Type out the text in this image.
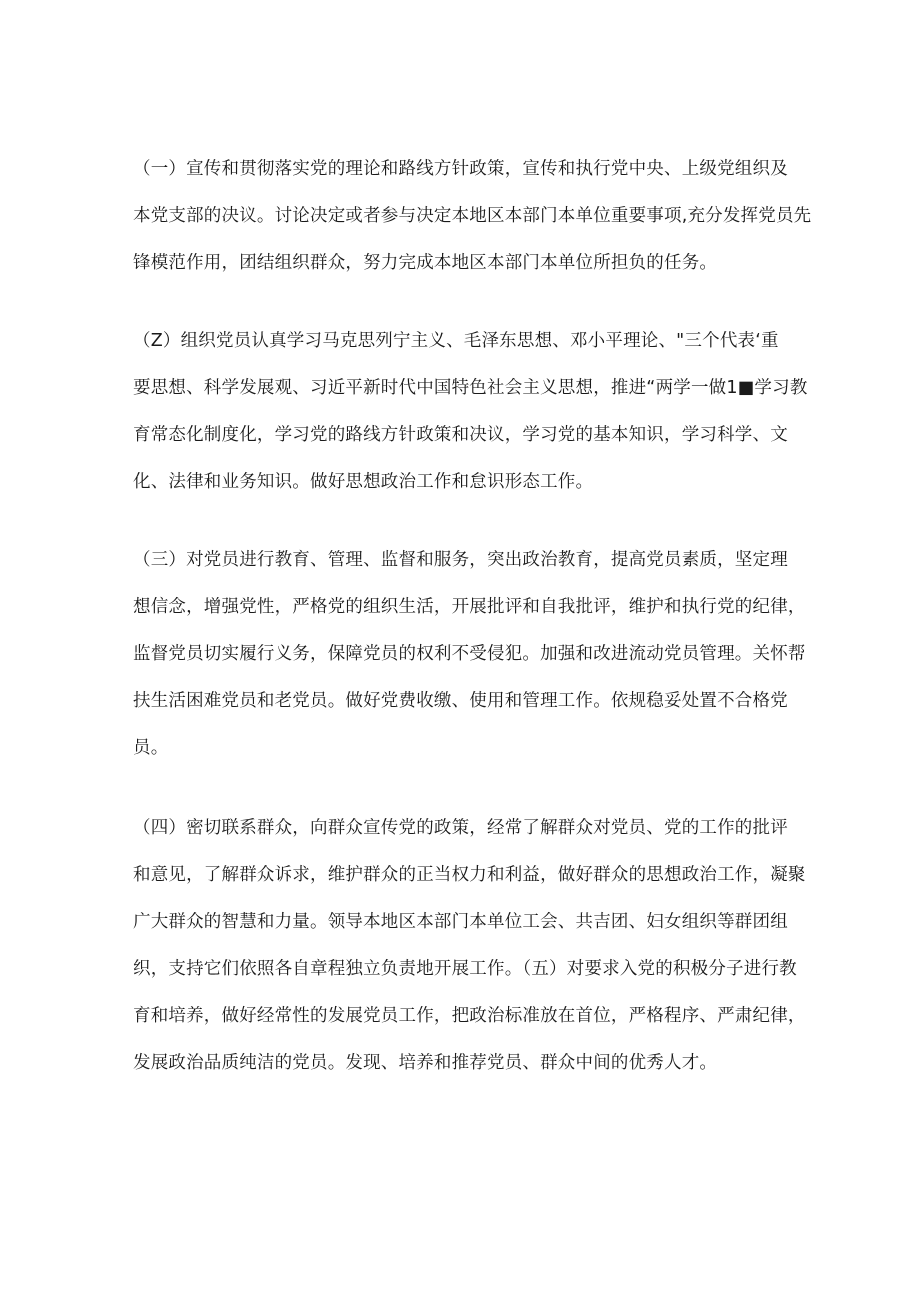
（一）宣传和贯彻落实党的理论和路线方针政策，宣传和执行党中央、上级党组织及
本党支部的决议。讨论决定或者参与决定本地区本部门本单位重要事项,充分发挥党员先
锋模范作用，团结组织群众，努力完成本地区本部门本单位所担负的任务。
（Z）组织党员认真学习马克思列宁主义、毛泽东思想、邓小平理论、"三个代表‘重
要思想、科学发展观、习近平新时代中国特色社会主义思想，推进“两学一做1■学习教
育常态化制度化，学习党的路线方针政策和决议，学习党的基本知识，学习科学、文
化、法律和业务知识。做好思想政治工作和怠识形态工作。
（三）对党员进行教育、管理、监督和服务，突出政治教育，提高党员素质，坚定理
想信念，增强党性，严格党的组织生活，开展批评和自我批评，维护和执行党的纪律，
监督党员切实履行义务，保障党员的权利不受侵犯。加强和改进流动党员管理。关怀帮
扶生活困难党员和老党员。做好党费收缴、使用和管理工作。依规稳妥处置不合格党
员。
（四）密切联系群众，向群众宣传党的政策，经常了解群众对党员、党的工作的批评
和意见，了解群众诉求，维护群众的正当权力和利益，做好群众的思想政治工作，凝聚
广大群众的智慧和力量。领导本地区本部门本单位工会、共吉团、妇女组织等群团组
织，支持它们依照各自章程独立负责地开展工作。（五）对要求入党的积极分子进行教
育和培养，做好经常性的发展党员工作，把政治标准放在首位，严格程序、严肃纪律，
发展政治品质纯洁的党员。发现、培养和推荐党员、群众中间的优秀人才。
